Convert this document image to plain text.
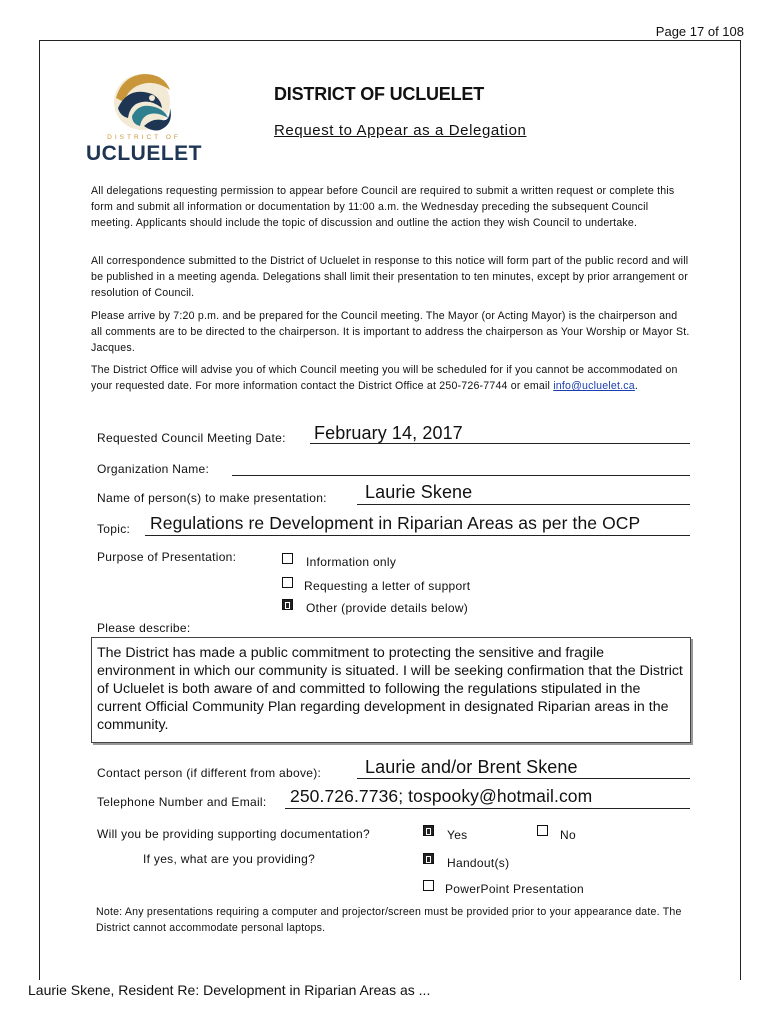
Page 17 of 108
DISTRICT OF
UCLUELET
DISTRICT OF UCLUELET
Request to Appear as a Delegation
All delegations requesting permission to appear before Council are required to submit a written request or complete this form and submit all information or documentation by 11:00 a.m. the Wednesday preceding the subsequent Council meeting. Applicants should include the topic of discussion and outline the action they wish Council to undertake.
All correspondence submitted to the District of Ucluelet in response to this notice will form part of the public record and will be published in a meeting agenda. Delegations shall limit their presentation to ten minutes, except by prior arrangement or resolution of Council.
Please arrive by 7:20 p.m. and be prepared for the Council meeting. The Mayor (or Acting Mayor) is the chairperson and all comments are to be directed to the chairperson. It is important to address the chairperson as Your Worship or Mayor St. Jacques.
The District Office will advise you of which Council meeting you will be scheduled for if you cannot be accommodated on your requested date. For more information contact the District Office at 250-726-7744 or email info@ucluelet.ca.
Requested Council Meeting Date: February 14, 2017
Organization Name:
Name of person(s) to make presentation: Laurie Skene
Topic: Regulations re Development in Riparian Areas as per the OCP
Purpose of Presentation:	Information only
Requesting a letter of support
Other (provide details below)
Please describe:
The District has made a public commitment to protecting the sensitive and fragile environment in which our community is situated. I will be seeking confirmation that the District of Ucluelet is both aware of and committed to following the regulations stipulated in the current Official Community Plan regarding development in designated Riparian areas in the community.
Contact person (if different from above): Laurie and/or Brent Skene
Telephone Number and Email: 250.726.7736; tospooky@hotmail.com
Will you be providing supporting documentation?	Yes	No
If yes, what are you providing?	Handout(s)
PowerPoint Presentation
Note: Any presentations requiring a computer and projector/screen must be provided prior to your appearance date. The District cannot accommodate personal laptops.
Laurie Skene, Resident Re: Development in Riparian Areas as ...
